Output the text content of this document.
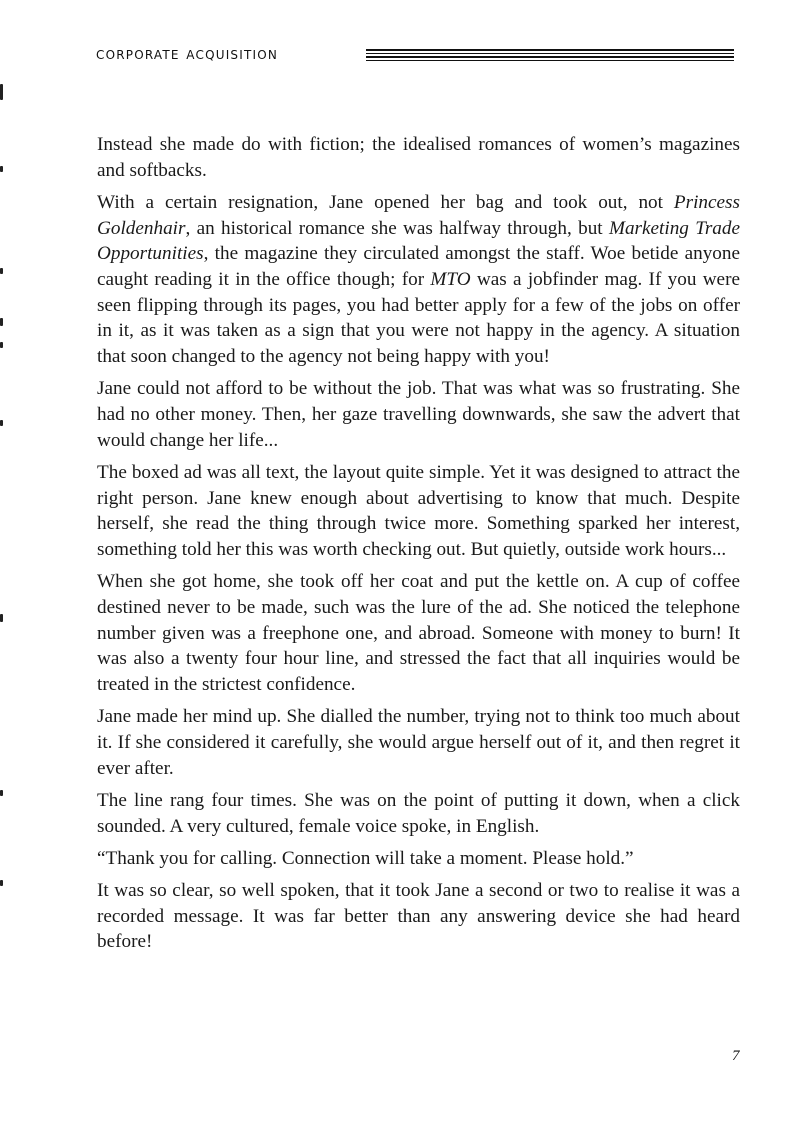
corporate acquisition

Instead she made do with fiction; the idealised romances of women’s magazines and softbacks.

With a certain resignation, Jane opened her bag and took out, not Princess Goldenhair, an historical romance she was halfway through, but Marketing Trade Opportunities, the magazine they circulated amongst the staff. Woe betide anyone caught reading it in the office though; for MTO was a jobfinder mag. If you were seen flipping through its pages, you had better apply for a few of the jobs on offer in it, as it was taken as a sign that you were not happy in the agency. A situation that soon changed to the agency not being happy with you!

Jane could not afford to be without the job. That was what was so frustrating. She had no other money. Then, her gaze travelling downwards, she saw the advert that would change her life...

The boxed ad was all text, the layout quite simple. Yet it was designed to attract the right person. Jane knew enough about advertising to know that much. Despite herself, she read the thing through twice more. Something sparked her interest, something told her this was worth checking out. But quietly, outside work hours...

When she got home, she took off her coat and put the kettle on. A cup of coffee destined never to be made, such was the lure of the ad. She noticed the telephone number given was a freephone one, and abroad. Someone with money to burn! It was also a twenty four hour line, and stressed the fact that all inquiries would be treated in the strictest confidence.

Jane made her mind up. She dialled the number, trying not to think too much about it. If she considered it carefully, she would argue herself out of it, and then regret it ever after.

The line rang four times. She was on the point of putting it down, when a click sounded. A very cultured, female voice spoke, in English.

“Thank you for calling. Connection will take a moment. Please hold.”

It was so clear, so well spoken, that it took Jane a second or two to realise it was a recorded message. It was far better than any answering device she had heard before!

7
